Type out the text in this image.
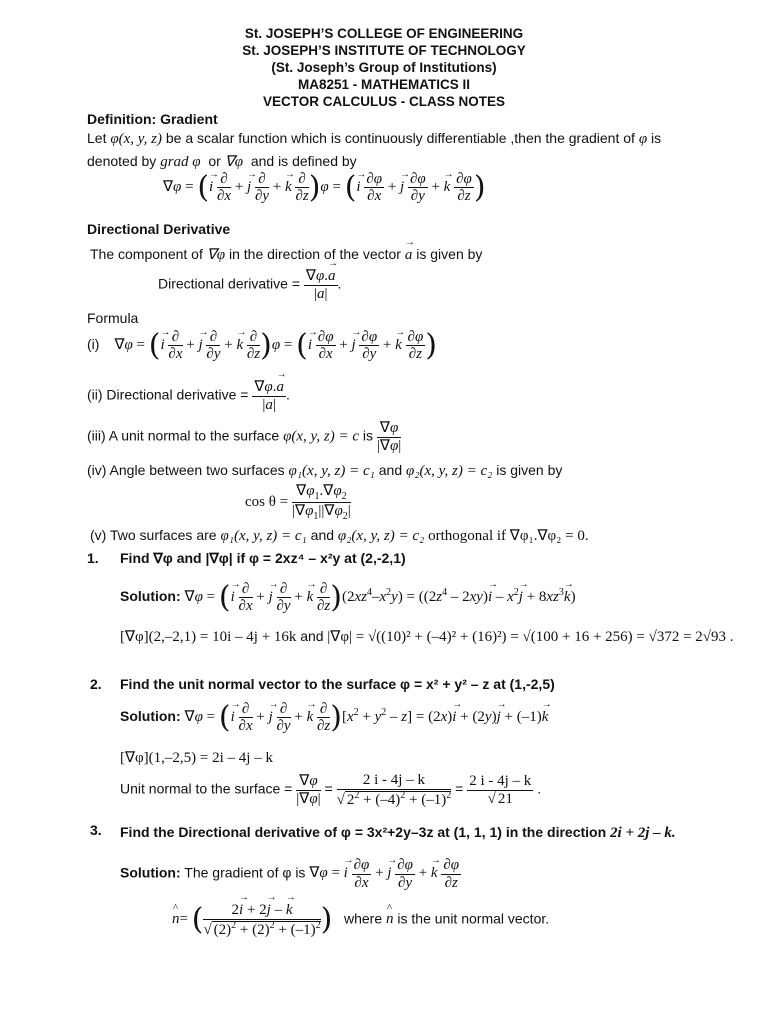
St. JOSEPH’S COLLEGE OF ENGINEERING
St. JOSEPH’S INSTITUTE OF TECHNOLOGY
(St. Joseph’s Group of Institutions)
MA8251 - MATHEMATICS II
VECTOR CALCULUS - CLASS NOTES
Definition: Gradient
Let φ(x, y, z) be a scalar function which is continuously differentiable ,then the gradient of φ is
denoted by grad φ or ∇φ and is defined by
∇φ = (→ i $\frac{\partial}{\partial x}$ + → j $\frac{\partial}{\partial y}$ + → k $\frac{\partial}{\partial z} )\varphi$ = (→ i $\frac{\partial\varphi}{\partial x}$ + → j $\frac{\partial\varphi}{\partial y}$ + → k $\frac{\partial\varphi}{\partial z}$ )
Directional Derivative
The component of ∇φ in the direction of the vector → a is given by
Directional derivative = $\frac{\nabla\varphi.\to a}{|a|}$ .
Formula
(i)    ∇φ = (→ i $\frac{\partial}{\partial x}$ + → j $\frac{\partial}{\partial y}$ + → k $\frac{\partial}{\partial z} )\varphi$ = (→ i $\frac{\partial\varphi}{\partial x}$ + → j $\frac{\partial\varphi}{\partial y}$ + → k $\frac{\partial\varphi}{\partial z}$ )
(ii) Directional derivative = $\frac{\nabla\varphi.\to a}{|a|}$ .
(iii) A unit normal to the surface φ(x, y, z) = c is $\frac{\nabla\varphi}{|\nabla\varphi|}$
(iv) Angle between two surfaces φ₁(x, y, z) = c₁ and φ₂(x, y, z) = c₂ is given by
$\cos \theta = \frac{\nabla\varphi_1.\nabla\varphi_2}{|\nabla\varphi_1||\nabla\varphi_2|}$
(v) Two surfaces are φ₁(x, y, z) = c₁ and φ₂(x, y, z) = c₂ orthogonal if ∇φ₁.∇φ₂ = 0.
1. Find ∇φ and |∇φ| if φ = 2xz⁴ – x²y at (2,-2,1)
Solution: ∇φ = (→ i $\frac{\partial}{\partial x}$ + → j $\frac{\partial}{\partial y}$ + → k $\frac{\partial}{\partial z} )(2xz^4-x^2y) = ((2z^4 - 2xy)\to i - x^2\to j + 8xz^3\to k)$
[∇φ](2,–2,1) = 10i – 4j + 16k and |∇φ| = √((10)² + (–4)² + (16)²) = √(100 + 16 + 256) = √372 = 2√93 .
2. Find the unit normal vector to the surface φ = x² + y² – z at (1,-2,5)
Solution: ∇φ = (→ i $\frac{\partial}{\partial x}$ + → j $\frac{\partial}{\partial y}$ + → k $\frac{\partial}{\partial z} )[x^2 + y^2 - z] = (2x)\to i + (2y)\to j + (-1)\to k$
[∇φ](1,–2,5) = 2i – 4j – k
Unit normal to the surface = $\frac{\nabla\varphi}{|\nabla\varphi|} = \frac{2 i - 4j - k}{√ 2^2 + (-4)^2 + (-1)^2} = \frac{2 i - 4j - k}{√ 21}$ .
3. Find the Directional derivative of φ = 3x²+2y–3z at (1, 1, 1) in the direction 2i + 2j – k.
Solution: The gradient of φ is ∇φ = → i $\frac{\partial\varphi}{\partial x}$ + → j $\frac{\partial\varphi}{\partial y}$ + → k $\frac{\partial\varphi}{\partial z}$
^ n= ( $\frac{2\to i + 2\to j - \to k}{√ (2)^2 + (2)^2 + (-1)^2}$ ) where ^ n is the unit normal vector.
